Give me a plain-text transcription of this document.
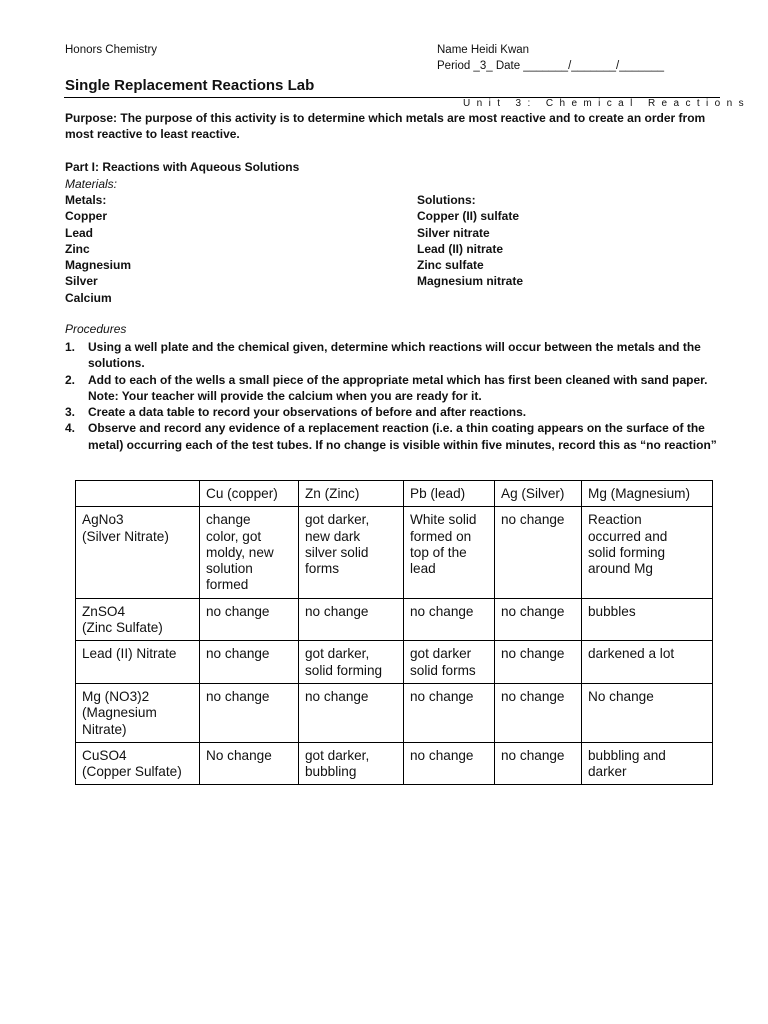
Honors Chemistry	Name Heidi Kwan
Period _3_ Date _______/_______/_______
Single Replacement Reactions Lab
Unit 3: Chemical Reactions
Purpose: The purpose of this activity is to determine which metals are most reactive and to create an order from
most reactive to least reactive.
Part I: Reactions with Aqueous Solutions
Materials:
Metals:
Copper
Lead
Zinc
Magnesium
Silver
Calcium
Solutions:
Copper (II) sulfate
Silver nitrate
Lead (II) nitrate
Zinc sulfate
Magnesium nitrate
Procedures
1. Using a well plate and the chemical given, determine which reactions will occur between the metals and the
solutions.
2. Add to each of the wells a small piece of the appropriate metal which has first been cleaned with sand paper.
Note: Your teacher will provide the calcium when you are ready for it.
3. Create a data table to record your observations of before and after reactions.
4. Observe and record any evidence of a replacement reaction (i.e. a thin coating appears on the surface of the
metal) occurring each of the test tubes. If no change is visible within five minutes, record this as “no reaction”
	Cu (copper)	Zn (Zinc)	Pb (lead)	Ag (Silver)	Mg (Magnesium)
AgNo3
(Silver Nitrate)	change
color, got
moldy, new
solution
formed	got darker,
new dark
silver solid
forms	White solid
formed on
top of the
lead	no change	Reaction
occurred and
solid forming
around Mg
ZnSO4
(Zinc Sulfate)	no change	no change	no change	no change	bubbles
Lead (II) Nitrate	no change	got darker,
solid forming	got darker
solid forms	no change	darkened a lot
Mg (NO3)2
(Magnesium
Nitrate)	no change	no change	no change	no change	No change
CuSO4
(Copper Sulfate)	No change	got darker,
bubbling	no change	no change	bubbling and
darker
